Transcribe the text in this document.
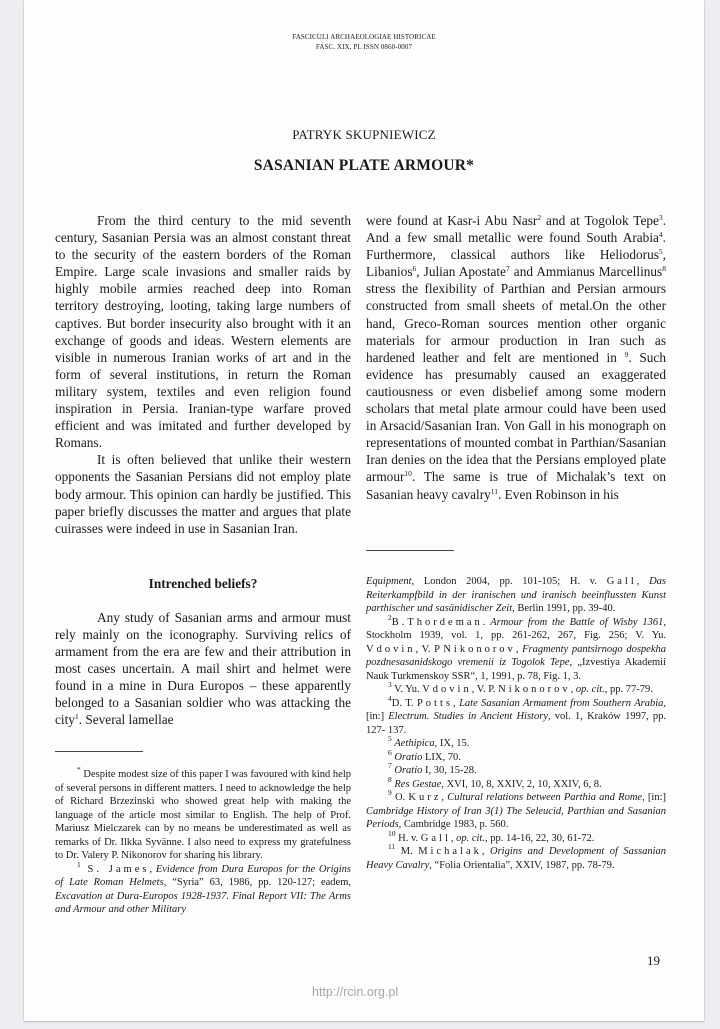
FASCICULI ARCHAEOLOGIAE HISTORICAE
FASC. XIX, PL ISSN 0860-0007
PATRYK SKUPNIEWICZ
SASANIAN PLATE ARMOUR*

From the third century to the mid seventh century, Sasanian Persia was an almost constant threat to the security of the eastern borders of the Roman Empire. Large scale invasions and smaller raids by highly mobile armies reached deep into Roman territory destroying, looting, taking large numbers of captives. But border insecurity also brought with it an exchange of goods and ideas. Western elements are visible in numerous Iranian works of art and in the form of several institutions, in return the Roman military system, textiles and even religion found inspiration in Persia. Iranian-type warfare proved efficient and was imitated and further developed by Romans.

It is often believed that unlike their western opponents the Sasanian Persians did not employ plate body armour. This opinion can hardly be justified. This paper briefly discusses the matter and argues that plate cuirasses were indeed in use in Sasanian Iran.

Intrenched beliefs?

Any study of Sasanian arms and armour must rely mainly on the iconography. Surviving relics of armament from the era are few and their attribution in most cases uncertain. A mail shirt and helmet were found in a mine in Dura Europos – these apparently belonged to a Sasanian soldier who was attacking the city$^1$. Several lamellae

were found at Kasr-i Abu Nasr$^2$ and at Togolok Tepe$^3$. And a few small metallic were found South Arabia$^4$. Furthermore, classical authors like Heliodorus$^5$, Libanios$^6$, Julian Apostate$^7$ and Ammianus Marcellinus$^8$ stress the flexibility of Parthian and Persian armours constructed from small sheets of metal.On the other hand, Greco-Roman sources mention other organic materials for armour production in Iran such as hardened leather and felt are mentioned in $^9$. Such evidence has presumably caused an exaggerated cautiousness or even disbelief among some modern scholars that metal plate armour could have been used in Arsacid/Sasanian Iran. Von Gall in his monograph on representations of mounted combat in Parthian/Sasanian Iran denies on the idea that the Persians employed plate armour$^{10}$. The same is true of Michalak’s text on Sasanian heavy cavalry$^{11}$. Even Robinson in his

* Despite modest size of this paper I was favoured with kind help of several persons in different matters. I need to acknowledge the help of Richard Brzezinski who showed great help with making the language of the article most similar to English. The help of Prof. Mariusz Mielczarek can by no means be underestimated as well as remarks of Dr. Ilkka Syvänne. I also need to express my gratefulness to Dr. Valery P. Nikonorov for sharing his library.

$^1$ S. James, Evidence from Dura Europos for the Origins of Late Roman Helmets, “Syria” 63, 1986, pp. 120-127; eadem, Excavation at Dura-Europos 1928-1937. Final Report VII: The Arms and Armour and other Military

Equipment, London 2004, pp. 101-105; H. v. Gall, Das Reiterkampfbild in der iranischen und iranisch beeinflussten Kunst parthischer und sasänidischer Zeit, Berlin 1991, pp. 39-40.

$^2$B.Thordeman. Armour from the Battle of Wisby 1361, Stockholm 1939, vol. 1, pp. 261-262, 267, Fig. 256; V. Yu. Vdovin, V. P Nikonorov, Fragmenty pantsirnogo dospekha pozdnesasanidskogo vremenii iz Togolok Tepe, „Izvestiya Akademii Nauk Turkmenskoy SSR“, 1, 1991, p. 78, Fig. 1, 3.

$^3$ V. Yu. Vdovin, V. P. Nikonorov, op. cit., pp. 77-79.

$^4$D. T. Potts, Late Sasanian Armament from Southern Arabia, [in:] Electrum. Studies in Ancient History, vol. 1, Kraków 1997, pp. 127- 137.

$^5$ Aethipica, IX, 15.

$^6$ Oratio LIX, 70.

$^7$ Oratio I, 30, 15-28.

$^8$ Res Gestae, XVI, 10, 8, XXIV, 2, 10, XXIV, 6, 8.

$^9$ O. Kurz, Cultural relations between Parthia and Rome, [in:] Cambridge History of Iran 3(1) The Seleucid, Parthian and Sasanian Periods, Cambridge 1983, p. 560.

$^{10}$ H. v. Gall, op. cit., pp. 14-16, 22, 30, 61-72.

$^{11}$ M. Michalak, Origins and Development of Sassanian Heavy Cavalry, “Folia Orientalia”, XXIV, 1987, pp. 78-79.

19
http://rcin.org.pl
